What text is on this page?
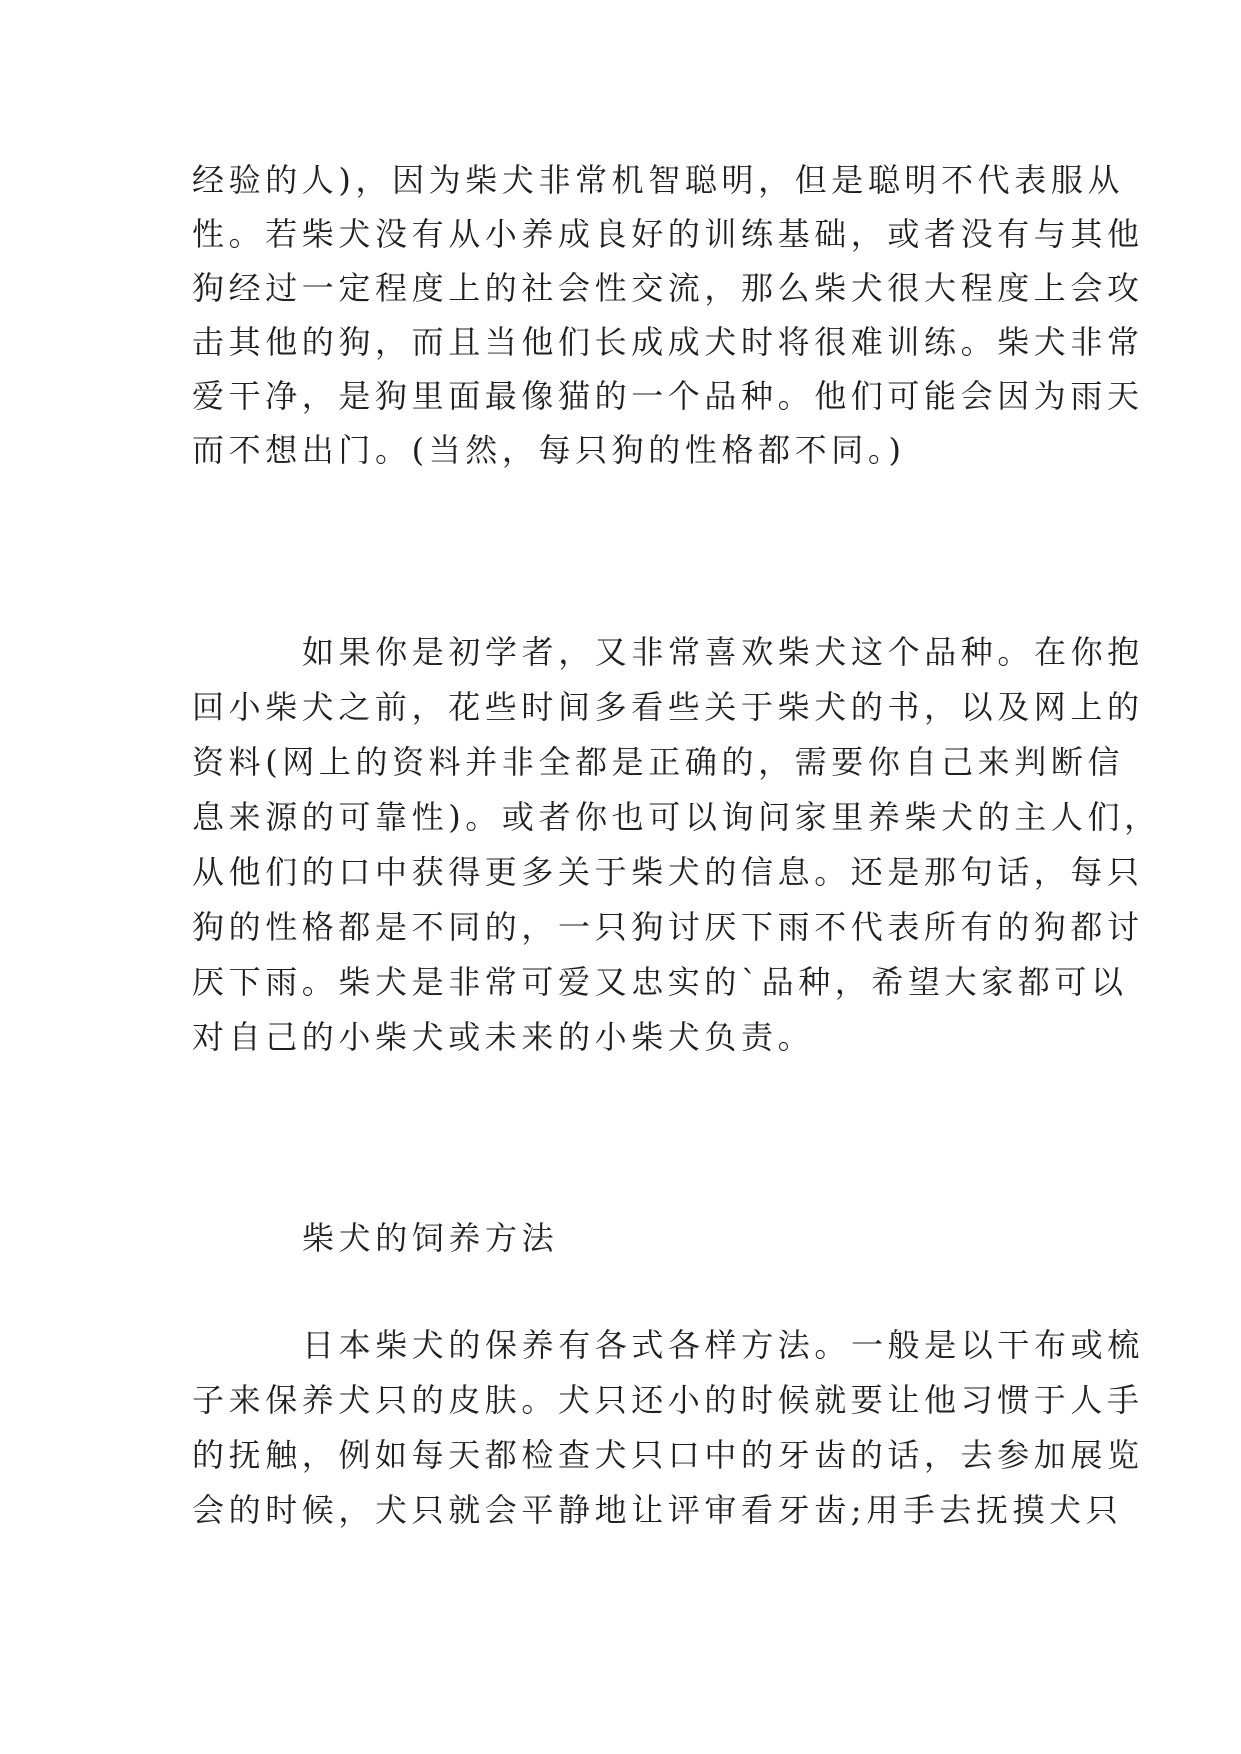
经验的人)，因为柴犬非常机智聪明，但是聪明不代表服从
性。若柴犬没有从小养成良好的训练基础，或者没有与其他
狗经过一定程度上的社会性交流，那么柴犬很大程度上会攻
击其他的狗，而且当他们长成成犬时将很难训练。柴犬非常
爱干净，是狗里面最像猫的一个品种。他们可能会因为雨天
而不想出门。(当然，每只狗的性格都不同。)
如果你是初学者，又非常喜欢柴犬这个品种。在你抱
回小柴犬之前，花些时间多看些关于柴犬的书，以及网上的
资料(网上的资料并非全都是正确的，需要你自己来判断信
息来源的可靠性)。或者你也可以询问家里养柴犬的主人们，
从他们的口中获得更多关于柴犬的信息。还是那句话，每只
狗的性格都是不同的，一只狗讨厌下雨不代表所有的狗都讨
厌下雨。柴犬是非常可爱又忠实的`品种，希望大家都可以
对自己的小柴犬或未来的小柴犬负责。
柴犬的饲养方法
日本柴犬的保养有各式各样方法。一般是以干布或梳
子来保养犬只的皮肤。犬只还小的时候就要让他习惯于人手
的抚触，例如每天都检查犬只口中的牙齿的话，去参加展览
会的时候，犬只就会平静地让评审看牙齿;用手去抚摸犬只
